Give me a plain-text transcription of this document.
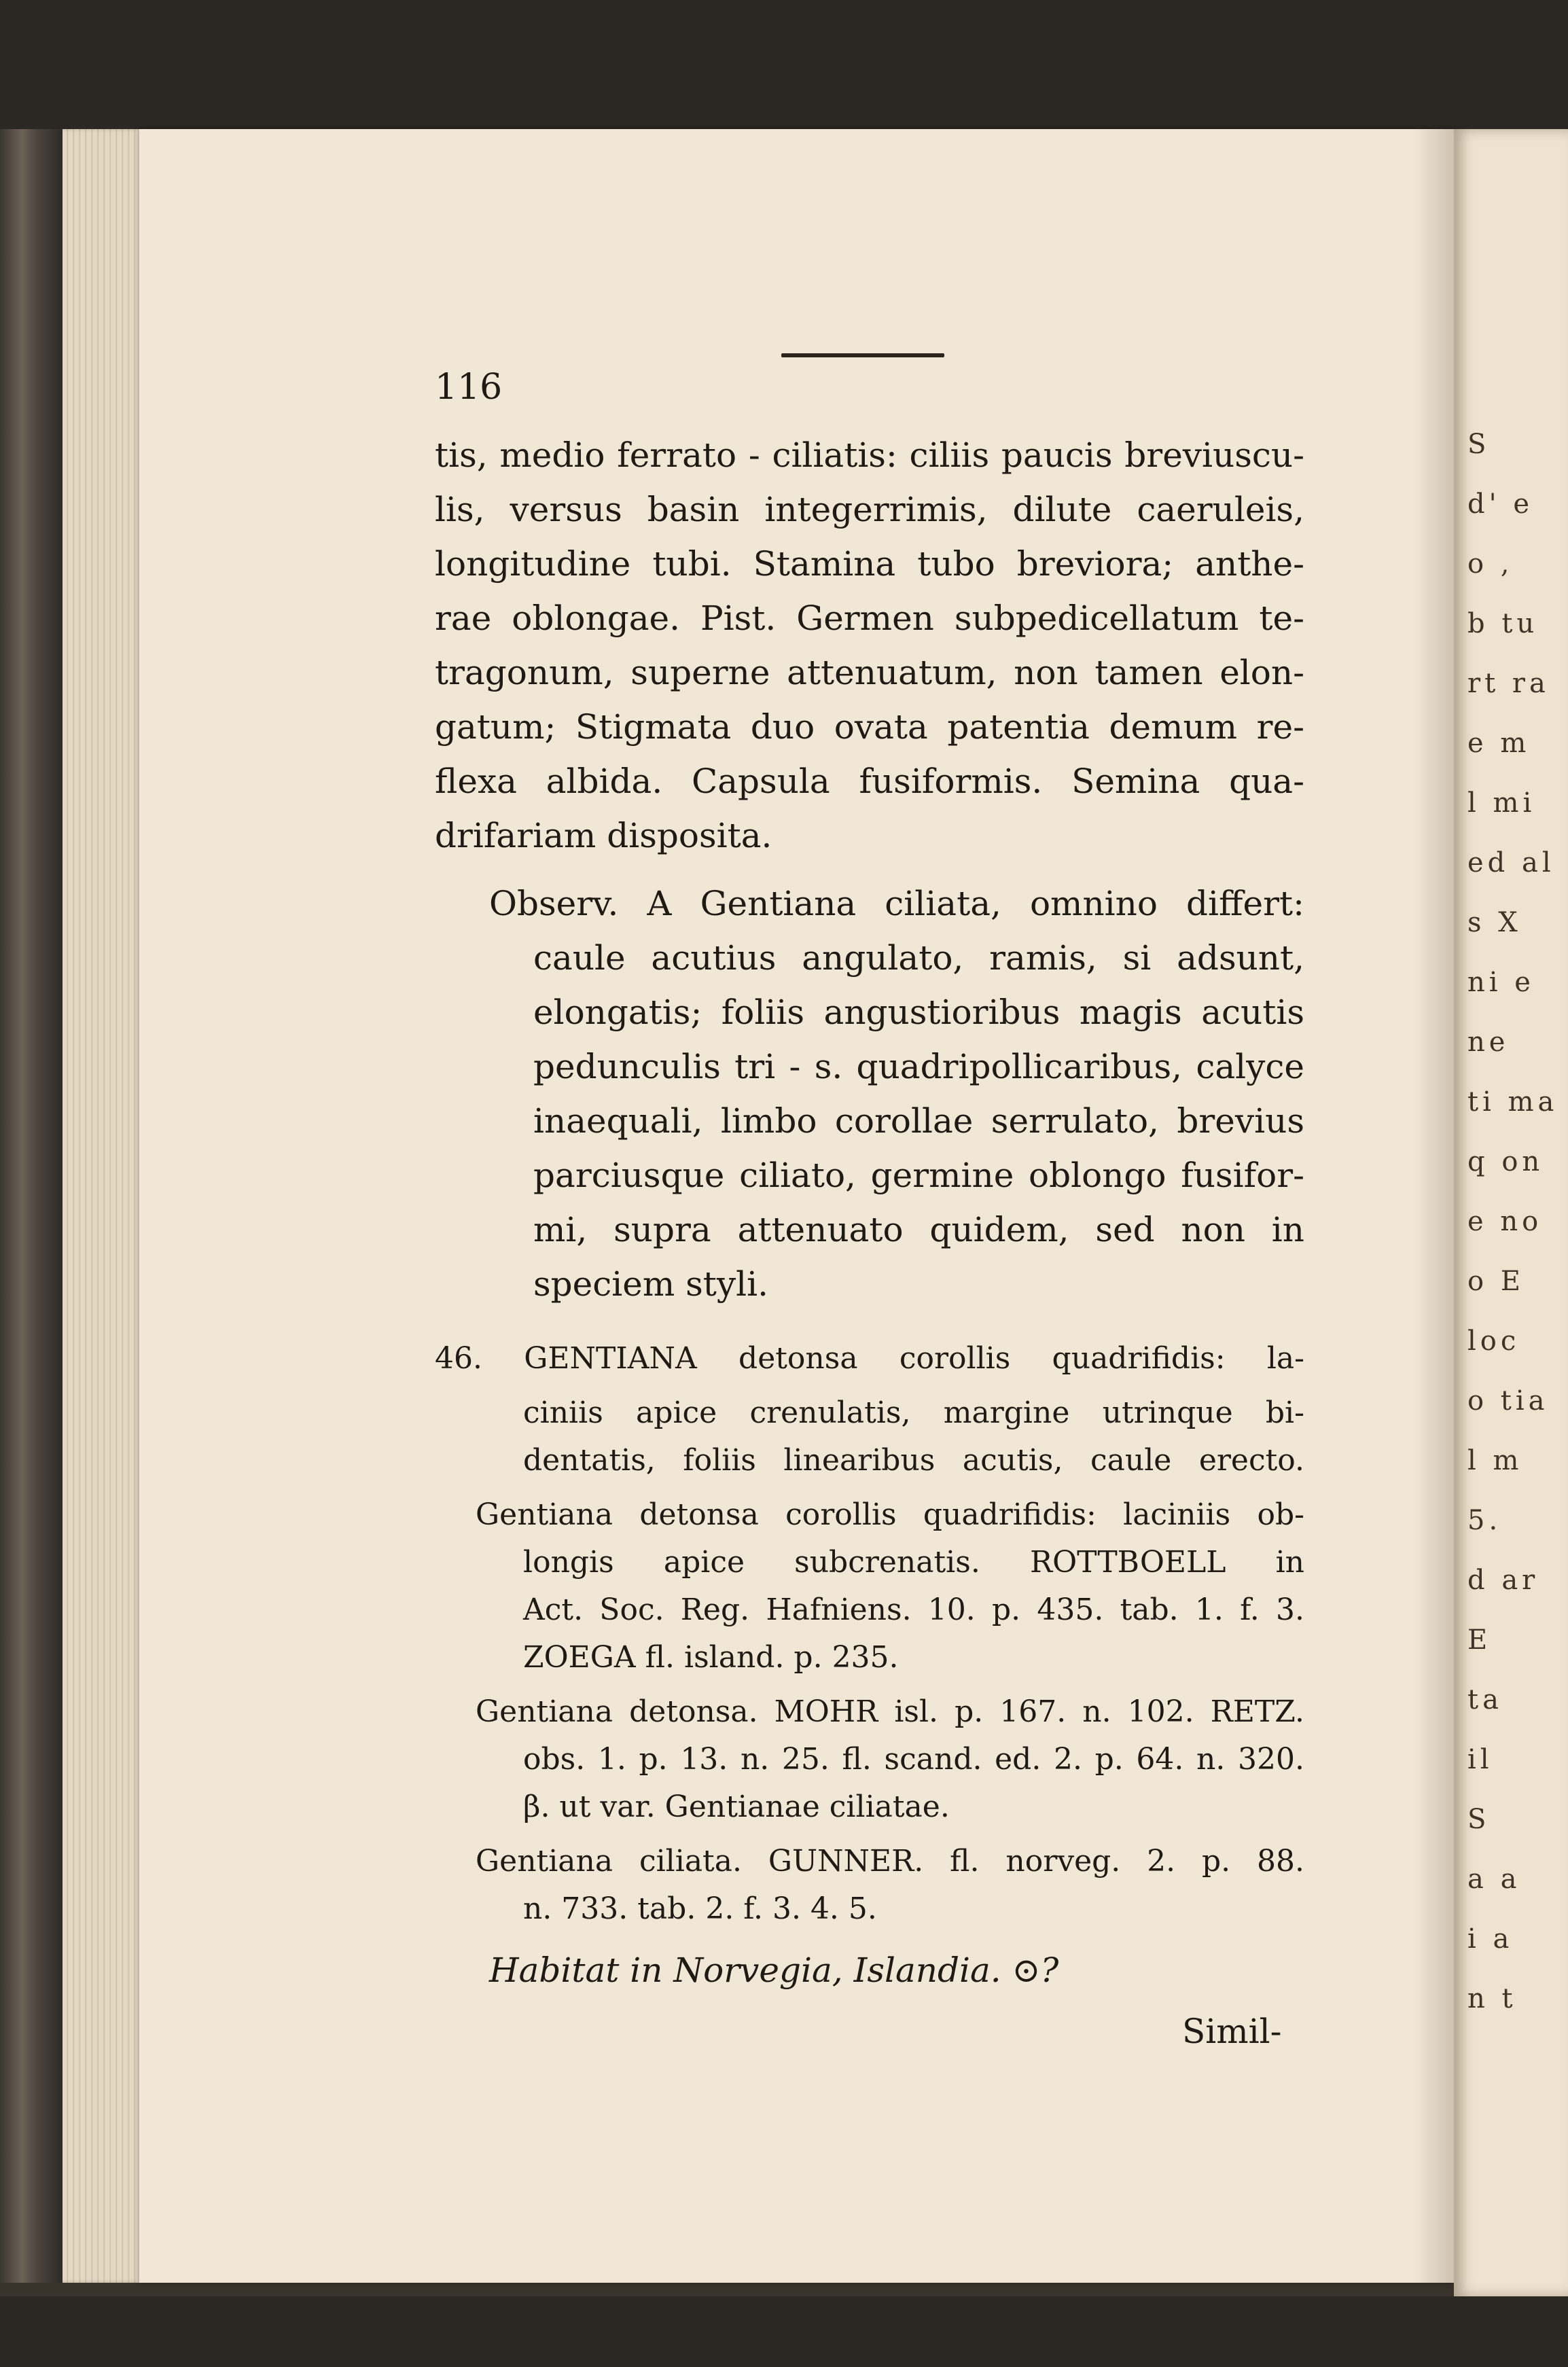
S
d' e
o ,
b tu
rt ra
e m
l mi
ed al
s X
ni e
ne
ti ma
q on
e no
o E
loc
o tia
l m
5.
d ar
E
ta
il
S
a a
i a
n t
116
tis, medio ferrato - ciliatis: ciliis paucis breviuscu-
lis, versus basin integerrimis, dilute caeruleis,
longitudine tubi. Stamina tubo breviora; anthe-
rae oblongae. Pist. Germen subpedicellatum te-
tragonum, superne attenuatum, non tamen elon-
gatum; Stigmata duo ovata patentia demum re-
flexa albida. Capsula fusiformis. Semina qua-
drifariam disposita.
Observ. A Gentiana ciliata, omnino differt:
caule acutius angulato, ramis, si adsunt,
elongatis; foliis angustioribus magis acutis
pedunculis tri - s. quadripollicaribus, calyce
inaequali, limbo corollae serrulato, brevius
parciusque ciliato, germine oblongo fusifor-
mi, supra attenuato quidem, sed non in
speciem styli.
46. GENTIANA detonsa corollis quadrifidis: la-
ciniis apice crenulatis, margine utrinque bi-
dentatis, foliis linearibus acutis, caule erecto.
Gentiana detonsa corollis quadrifidis: laciniis ob-
longis apice subcrenatis. ROTTBOELL in
Act. Soc. Reg. Hafniens. 10. p. 435. tab. 1. f. 3.
ZOEGA fl. island. p. 235.
Gentiana detonsa. MOHR isl. p. 167. n. 102. RETZ.
obs. 1. p. 13. n. 25. fl. scand. ed. 2. p. 64. n. 320.
β. ut var. Gentianae ciliatae.
Gentiana ciliata. GUNNER. fl. norveg. 2. p. 88.
n. 733. tab. 2. f. 3. 4. 5.
Habitat in Norvegia, Islandia. ⊙?
Simil-
